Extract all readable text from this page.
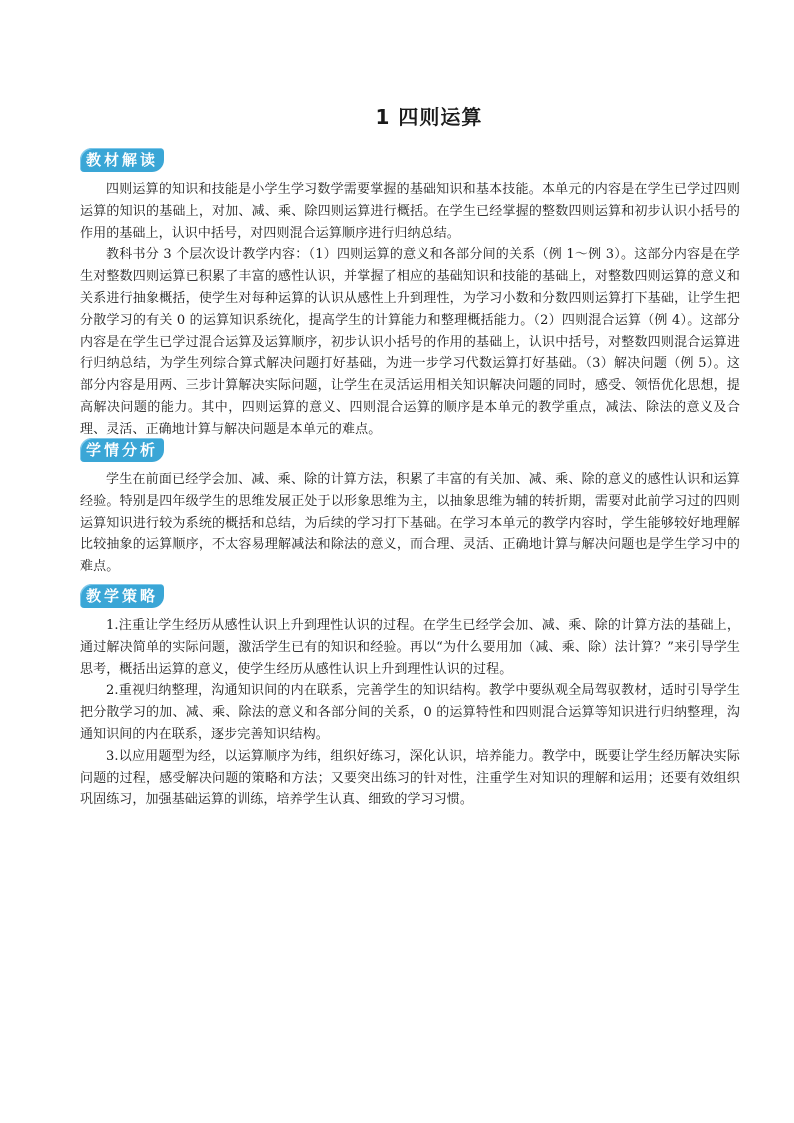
1 四则运算
教材解读

四则运算的知识和技能是小学生学习数学需要掌握的基础知识和基本技能。本单元的内容是在学生已学过四则运算的知识的基础上，对加、减、乘、除四则运算进行概括。在学生已经掌握的整数四则运算和初步认识小括号的作用的基础上，认识中括号，对四则混合运算顺序进行归纳总结。

教科书分 3 个层次设计教学内容：（1）四则运算的意义和各部分间的关系（例 1～例 3）。这部分内容是在学生对整数四则运算已积累了丰富的感性认识，并掌握了相应的基础知识和技能的基础上，对整数四则运算的意义和关系进行抽象概括，使学生对每种运算的认识从感性上升到理性，为学习小数和分数四则运算打下基础，让学生把分散学习的有关 0 的运算知识系统化，提高学生的计算能力和整理概括能力。（2）四则混合运算（例 4）。这部分内容是在学生已学过混合运算及运算顺序，初步认识小括号的作用的基础上，认识中括号，对整数四则混合运算进行归纳总结，为学生列综合算式解决问题打好基础，为进一步学习代数运算打好基础。（3）解决问题（例 5）。这部分内容是用两、三步计算解决实际问题，让学生在灵活运用相关知识解决问题的同时，感受、领悟优化思想，提高解决问题的能力。其中，四则运算的意义、四则混合运算的顺序是本单元的教学重点，减法、除法的意义及合理、灵活、正确地计算与解决问题是本单元的难点。

学情分析

学生在前面已经学会加、减、乘、除的计算方法，积累了丰富的有关加、减、乘、除的意义的感性认识和运算经验。特别是四年级学生的思维发展正处于以形象思维为主，以抽象思维为辅的转折期，需要对此前学习过的四则运算知识进行较为系统的概括和总结，为后续的学习打下基础。在学习本单元的教学内容时，学生能够较好地理解比较抽象的运算顺序，不太容易理解减法和除法的意义，而合理、灵活、正确地计算与解决问题也是学生学习中的难点。

教学策略

1.注重让学生经历从感性认识上升到理性认识的过程。在学生已经学会加、减、乘、除的计算方法的基础上，通过解决简单的实际问题，激活学生已有的知识和经验。再以“为什么要用加（减、乘、除）法计算？”来引导学生思考，概括出运算的意义，使学生经历从感性认识上升到理性认识的过程。

2.重视归纳整理，沟通知识间的内在联系，完善学生的知识结构。教学中要纵观全局驾驭教材，适时引导学生把分散学习的加、减、乘、除法的意义和各部分间的关系，0 的运算特性和四则混合运算等知识进行归纳整理，沟通知识间的内在联系，逐步完善知识结构。

3.以应用题型为经，以运算顺序为纬，组织好练习，深化认识，培养能力。教学中，既要让学生经历解决实际问题的过程，感受解决问题的策略和方法；又要突出练习的针对性，注重学生对知识的理解和运用；还要有效组织巩固练习，加强基础运算的训练，培养学生认真、细致的学习习惯。
